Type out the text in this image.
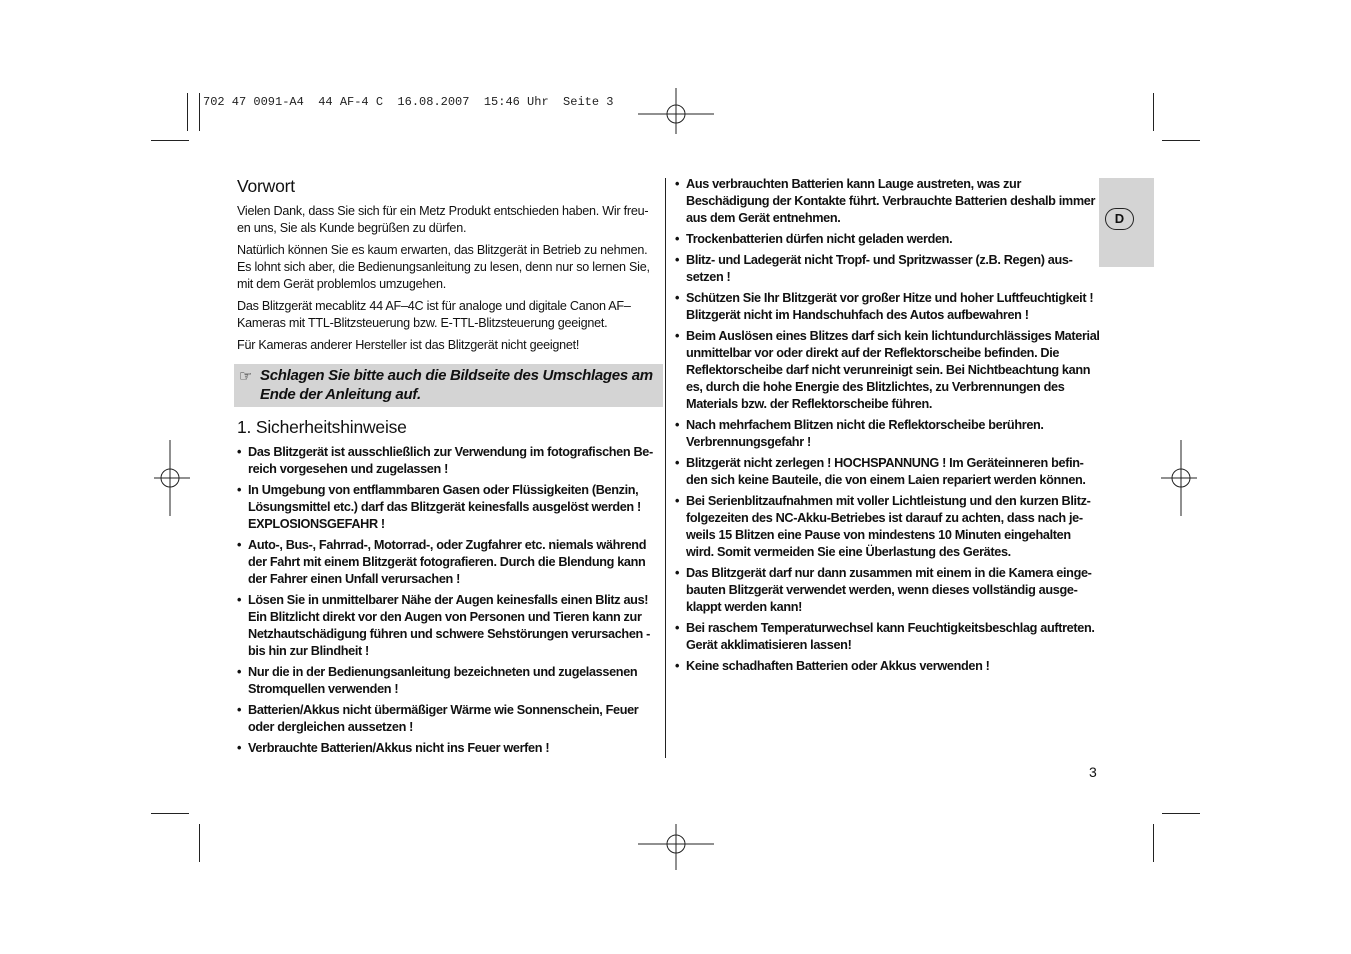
702 47 0091-A4  44 AF-4 C  16.08.2007  15:46 Uhr  Seite 3
Vorwort

Vielen Dank, dass Sie sich für ein Metz Produkt entschieden haben. Wir freu-en uns, Sie als Kunde begrüßen zu dürfen.

Natürlich können Sie es kaum erwarten, das Blitzgerät in Betrieb zu nehmen. Es lohnt sich aber, die Bedienungsanleitung zu lesen, denn nur so lernen Sie, mit dem Gerät problemlos umzugehen.

Das Blitzgerät mecablitz 44 AF–4C ist für analoge und digitale Canon AF–Kameras mit TTL-Blitzsteuerung bzw. E-TTL-Blitzsteuerung geeignet.

Für Kameras anderer Hersteller ist das Blitzgerät nicht geeignet!

☞ Schlagen Sie bitte auch die Bildseite des Umschlages am Ende der Anleitung auf.
1. Sicherheitshinweise
• Das Blitzgerät ist ausschließlich zur Verwendung im fotografischen Be-reich vorgesehen und zugelassen !
• In Umgebung von entflammbaren Gasen oder Flüssigkeiten (Benzin, Lösungsmittel etc.) darf das Blitzgerät keinesfalls ausgelöst werden ! EXPLOSIONSGEFAHR !
• Auto-, Bus-, Fahrrad-, Motorrad-, oder Zugfahrer etc. niemals während der Fahrt mit einem Blitzgerät fotografieren. Durch die Blendung kann der Fahrer einen Unfall verursachen !
• Lösen Sie in unmittelbarer Nähe der Augen keinesfalls einen Blitz aus! Ein Blitzlicht direkt vor den Augen von Personen und Tieren kann zur Netzhautschädigung führen und schwere Sehstörungen verursachen - bis hin zur Blindheit !
• Nur die in der Bedienungsanleitung bezeichneten und zugelassenen Stromquellen verwenden !
• Batterien/Akkus nicht übermäßiger Wärme wie Sonnenschein, Feuer oder dergleichen aussetzen !
• Verbrauchte Batterien/Akkus nicht ins Feuer werfen !
• Aus verbrauchten Batterien kann Lauge austreten, was zur Beschädigung der Kontakte führt. Verbrauchte Batterien deshalb immer aus dem Gerät entnehmen.
• Trockenbatterien dürfen nicht geladen werden.
• Blitz- und Ladegerät nicht Tropf- und Spritzwasser (z.B. Regen) aus-setzen !
• Schützen Sie Ihr Blitzgerät vor großer Hitze und hoher Luftfeuchtigkeit ! Blitzgerät nicht im Handschuhfach des Autos aufbewahren !
• Beim Auslösen eines Blitzes darf sich kein lichtundurchlässiges Material unmittelbar vor oder direkt auf der Reflektorscheibe befinden. Die Reflektorscheibe darf nicht verunreinigt sein. Bei Nichtbeachtung kann es, durch die hohe Energie des Blitzlichtes, zu Verbrennungen des Materials bzw. der Reflektorscheibe führen.
• Nach mehrfachem Blitzen nicht die Reflektorscheibe berühren. Verbrennungsgefahr !
• Blitzgerät nicht zerlegen ! HOCHSPANNUNG ! Im Geräteinneren befin-den sich keine Bauteile, die von einem Laien repariert werden können.
• Bei Serienblitzaufnahmen mit voller Lichtleistung und den kurzen Blitz-folgezeiten des NC-Akku-Betriebes ist darauf zu achten, dass nach je-weils 15 Blitzen eine Pause von mindestens 10 Minuten eingehalten wird. Somit vermeiden Sie eine Überlastung des Gerätes.
• Das Blitzgerät darf nur dann zusammen mit einem in die Kamera einge-bauten Blitzgerät verwendet werden, wenn dieses vollständig ausge-klappt werden kann!
• Bei raschem Temperaturwechsel kann Feuchtigkeitsbeschlag auftreten. Gerät akklimatisieren lassen!
• Keine schadhaften Batterien oder Akkus verwenden !
D
3
